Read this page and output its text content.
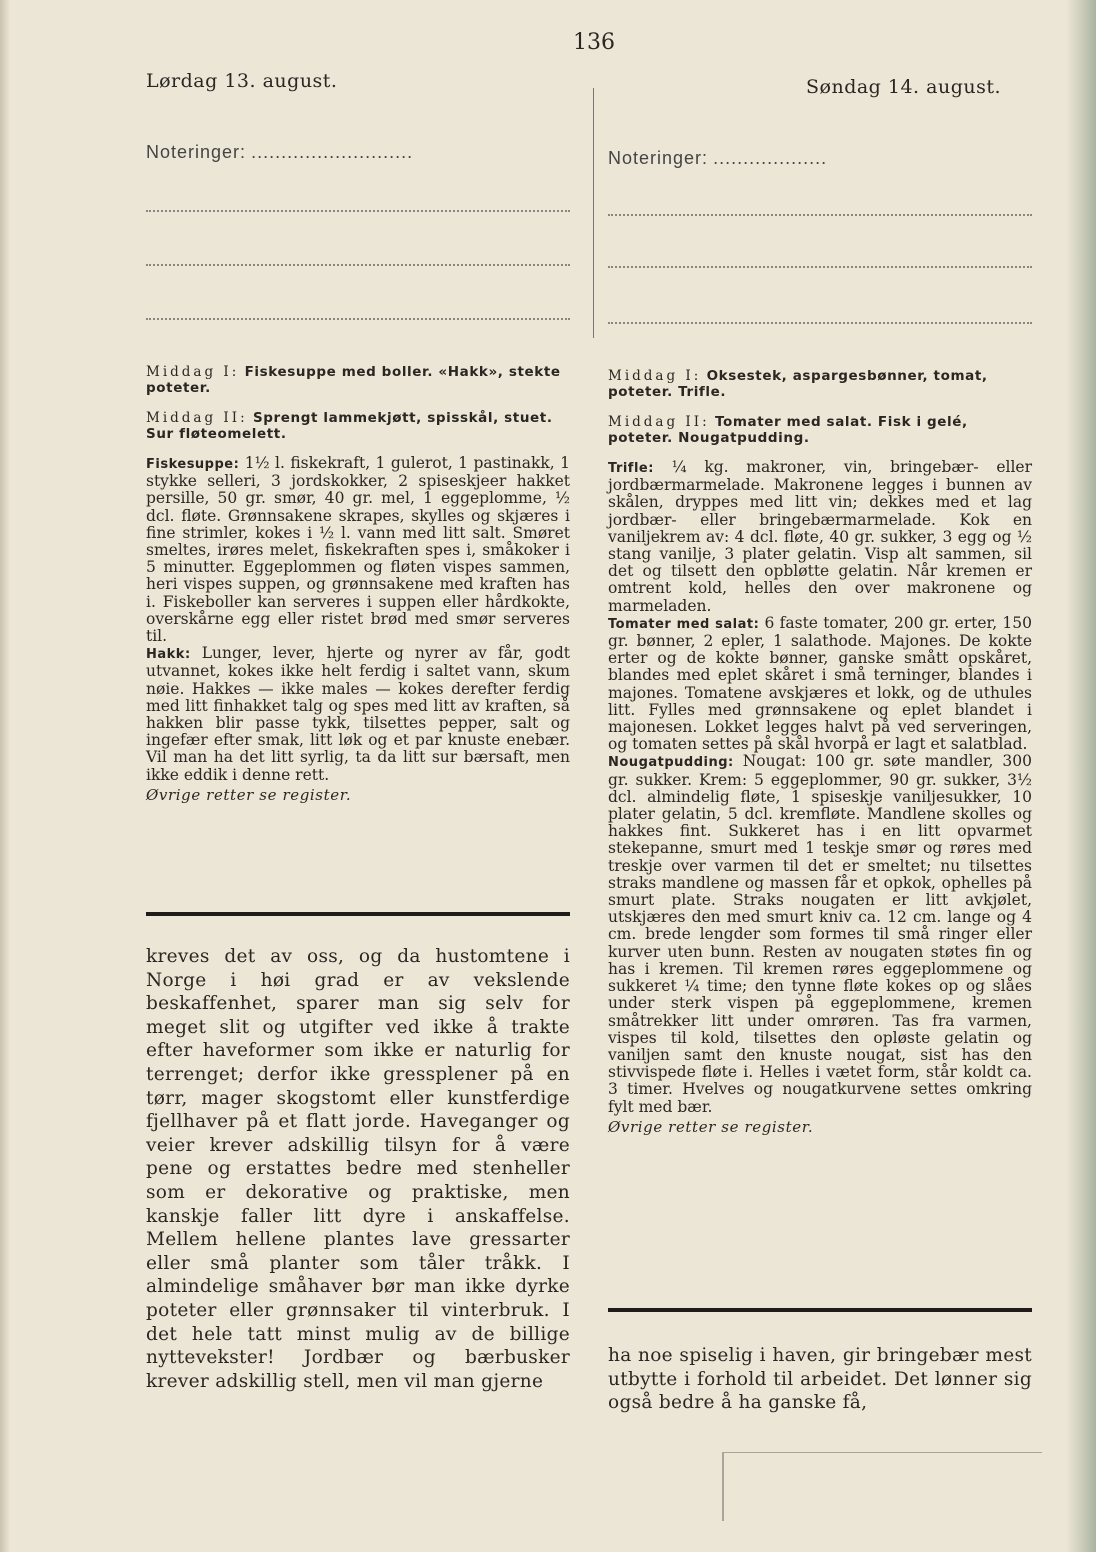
136
Lørdag 13. august.
Noteringer: ...........................
Middag I: Fiskesuppe med boller. «Hakk», stekte poteter.
Middag II: Sprengt lammekjøtt, spisskål, stuet. Sur fløteomelett.

Fiskesuppe: 1½ l. fiskekraft, 1 gulerot, 1 pastinakk, 1 stykke selleri, 3 jordskokker, 2 spiseskjeer hakket persille, 50 gr. smør, 40 gr. mel, 1 eggeplomme, ½ dcl. fløte. Grønnsakene skrapes, skylles og skjæres i fine strimler, kokes i ½ l. vann med litt salt. Smøret smeltes, irøres melet, fiskekraften spes i, småkoker i 5 minutter. Eggeplommen og fløten vispes sammen, heri vispes suppen, og grønnsakene med kraften has i. Fiskeboller kan serveres i suppen eller hårdkokte, overskårne egg eller ristet brød med smør serveres til.

Hakk: Lunger, lever, hjerte og nyrer av får, godt utvannet, kokes ikke helt ferdig i saltet vann, skum nøie. Hakkes — ikke males — kokes derefter ferdig med litt finhakket talg og spes med litt av kraften, så hakken blir passe tykk, tilsettes pepper, salt og ingefær efter smak, litt løk og et par knuste enebær. Vil man ha det litt syrlig, ta da litt sur bærsaft, men ikke eddik i denne rett.

Øvrige retter se register.

kreves det av oss, og da hustomtene i Norge i høi grad er av vekslende beskaffenhet, sparer man sig selv for meget slit og utgifter ved ikke å trakte efter haveformer som ikke er naturlig for terrenget; derfor ikke gressplener på en tørr, mager skogstomt eller kunstferdige fjellhaver på et flatt jorde. Haveganger og veier krever adskillig tilsyn for å være pene og erstattes bedre med stenheller som er dekorative og praktiske, men kanskje faller litt dyre i anskaffelse. Mellem hellene plantes lave gressarter eller små planter som tåler tråkk. I almindelige småhaver bør man ikke dyrke poteter eller grønnsaker til vinterbruk. I det hele tatt minst mulig av de billige nyttevekster! Jordbær og bærbusker krever adskillig stell, men vil man gjerne
Søndag 14. august.
Noteringer: ...................
Middag I: Oksestek, aspargesbønner, tomat, poteter. Trifle.
Middag II: Tomater med salat. Fisk i gelé, poteter. Nougatpudding.

Trifle: ¼ kg. makroner, vin, bringebær- eller jordbærmarmelade. Makronene legges i bunnen av skålen, dryppes med litt vin; dekkes med et lag jordbær- eller bringebærmarmelade. Kok en vaniljekrem av: 4 dcl. fløte, 40 gr. sukker, 3 egg og ½ stang vanilje, 3 plater gelatin. Visp alt sammen, sil det og tilsett den opbløtte gelatin. Når kremen er omtrent kold, helles den over makronene og marmeladen.

Tomater med salat: 6 faste tomater, 200 gr. erter, 150 gr. bønner, 2 epler, 1 salathode. Majones. De kokte erter og de kokte bønner, ganske smått opskåret, blandes med eplet skåret i små terninger, blandes i majones. Tomatene avskjæres et lokk, og de uthules litt. Fylles med grønnsakene og eplet blandet i majonesen. Lokket legges halvt på ved serveringen, og tomaten settes på skål hvorpå er lagt et salatblad.

Nougatpudding: Nougat: 100 gr. søte mandler, 300 gr. sukker. Krem: 5 eggeplommer, 90 gr. sukker, 3½ dcl. almindelig fløte, 1 spiseskje vaniljesukker, 10 plater gelatin, 5 dcl. kremfløte. Mandlene skolles og hakkes fint. Sukkeret has i en litt opvarmet stekepanne, smurt med 1 teskje smør og røres med treskje over varmen til det er smeltet; nu tilsettes straks mandlene og massen får et opkok, ophelles på smurt plate. Straks nougaten er litt avkjølet, utskjæres den med smurt kniv ca. 12 cm. lange og 4 cm. brede lengder som formes til små ringer eller kurver uten bunn. Resten av nougaten støtes fin og has i kremen. Til kremen røres eggeplommene og sukkeret ¼ time; den tynne fløte kokes op og slåes under sterk vispen på eggeplommene, kremen småtrekker litt under omrøren. Tas fra varmen, vispes til kold, tilsettes den opløste gelatin og vaniljen samt den knuste nougat, sist has den stivvispede fløte i. Helles i vætet form, står koldt ca. 3 timer. Hvelves og nougatkurvene settes omkring fylt med bær.

Øvrige retter se register.

ha noe spiselig i haven, gir bringebær mest utbytte i forhold til arbeidet. Det lønner sig også bedre å ha ganske få,
